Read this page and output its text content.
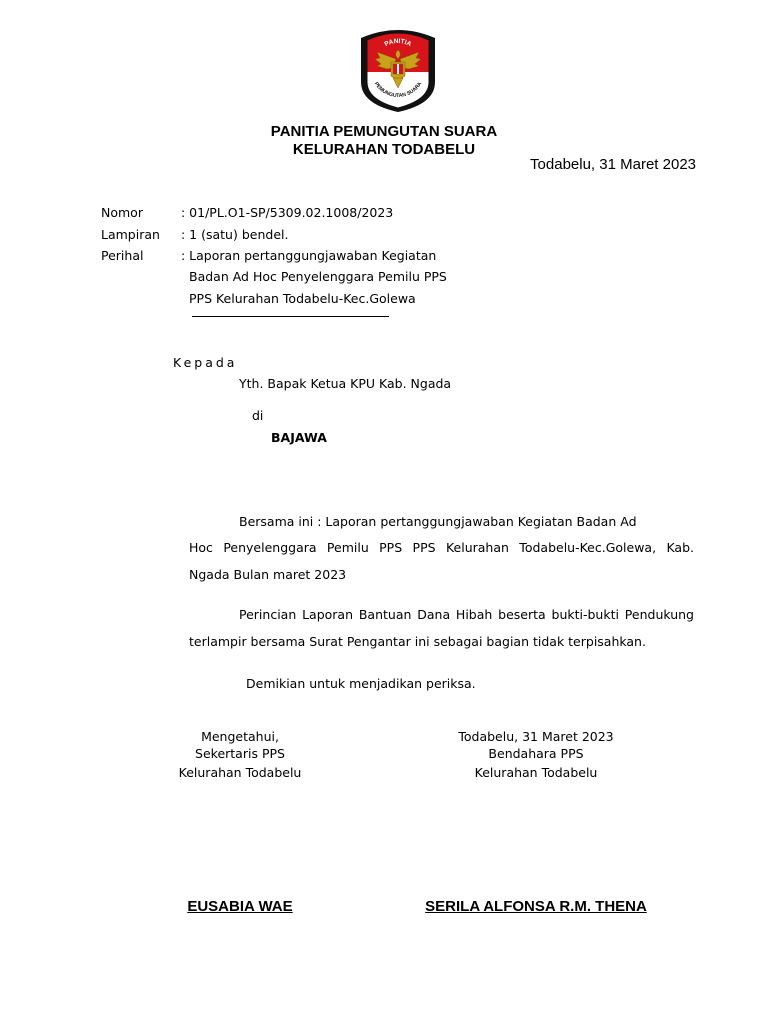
PANITIA
PEMUNGUTAN SUARA
PANITIA PEMUNGUTAN SUARA
KELURAHAN TODABELU
Todabelu, 31 Maret 2023
Nomor	: 01/PL.O1-SP/5309.02.1008/2023
Lampiran : 1 (satu) bendel.
Perihal	: Laporan pertanggungjawaban Kegiatan
Badan Ad Hoc Penyelenggara Pemilu PPS
PPS Kelurahan Todabelu-Kec.Golewa
Kepada
Yth. Bapak Ketua KPU Kab. Ngada
di
BAJAWA
Bersama ini : Laporan pertanggungjawaban Kegiatan Badan Ad
Hoc Penyelenggara Pemilu PPS PPS Kelurahan Todabelu-Kec.Golewa, Kab.
Ngada Bulan maret 2023
Perincian Laporan Bantuan Dana Hibah beserta bukti-bukti Pendukung
terlampir bersama Surat Pengantar ini sebagai bagian tidak terpisahkan.
Demikian untuk menjadikan periksa.
Mengetahui,
Sekertaris PPS
Kelurahan Todabelu
Todabelu, 31 Maret 2023
Bendahara PPS
Kelurahan Todabelu
EUSABIA WAE	SERILA ALFONSA R.M. THENA
